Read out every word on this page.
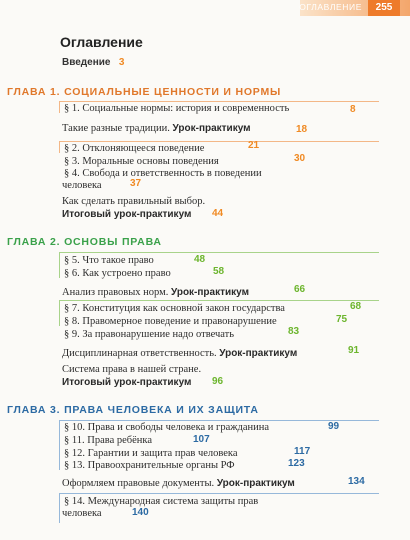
ОГЛАВЛЕНИЕ	255
Оглавление
Введение 3
ГЛАВА 1. СОЦИАЛЬНЫЕ ЦЕННОСТИ И НОРМЫ
§ 1. Социальные нормы: история и современность	8
Такие разные традиции. Урок-практикум	18
§ 2. Отклоняющееся поведение	21
§ 3. Моральные основы поведения	30
§ 4. Свобода и ответственность в поведении
человека	37
Как сделать правильный выбор.
Итоговый урок-практикум 44
ГЛАВА 2. ОСНОВЫ ПРАВА
§ 5. Что такое право	48
§ 6. Как устроено право	58
Анализ правовых норм. Урок-практикум	66
§ 7. Конституция как основной закон государства	68
§ 8. Правомерное поведение и правонарушение	75
§ 9. За правонарушение надо отвечать	83
Дисциплинарная ответственность. Урок-практикум	91
Система права в нашей стране.
Итоговый урок-практикум 96
ГЛАВА 3. ПРАВА ЧЕЛОВЕКА И ИХ ЗАЩИТА
§ 10. Права и свободы человека и гражданина	99
§ 11. Права ребёнка	107
§ 12. Гарантии и защита прав человека	117
§ 13. Правоохранительные органы РФ	123
Оформляем правовые документы. Урок-практикум	134
§ 14. Международная система защиты прав
человека	140
